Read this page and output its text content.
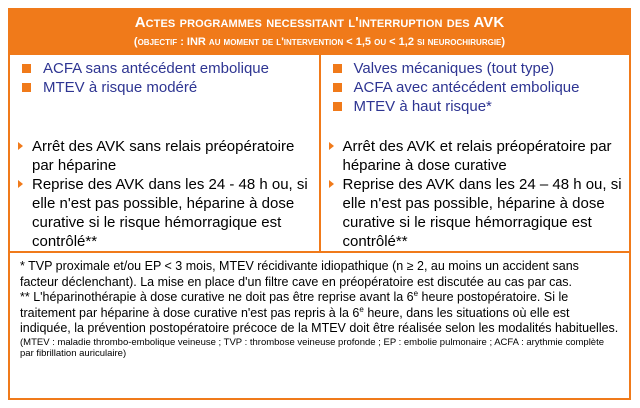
Actes programmes necessitant l'interruption des AVK
(objectif : INR au moment de l'intervention < 1,5 ou < 1,2 si neurochirurgie)
ACFA sans antécédent embolique
MTEV à risque modéré
Arrêt des AVK sans relais préopératoire par héparine
Reprise des AVK dans les 24 - 48 h ou, si elle n'est pas possible, héparine à dose curative si le risque hémorragique est contrôlé**
Valves mécaniques (tout type)
ACFA avec antécédent embolique
MTEV à haut risque*
Arrêt des AVK et relais préopératoire par héparine à dose curative
Reprise des AVK dans les 24 – 48 h ou, si elle n'est pas possible, héparine à dose curative si le risque hémorragique est contrôlé**

* TVP proximale et/ou EP < 3 mois, MTEV récidivante idiopathique (n ≥ 2, au moins un accident sans facteur déclenchant). La mise en place d'un filtre cave en préopératoire est discutée au cas par cas.

** L'héparinothérapie à dose curative ne doit pas être reprise avant la 6e heure postopératoire. Si le traitement par héparine à dose curative n'est pas repris à la 6e heure, dans les situations où elle est indiquée, la prévention postopératoire précoce de la MTEV doit être réalisée selon les modalités habituelles.

(MTEV : maladie thrombo-embolique veineuse ; TVP : thrombose veineuse profonde ; EP : embolie pulmonaire ; ACFA : arythmie complète par fibrillation auriculaire)
